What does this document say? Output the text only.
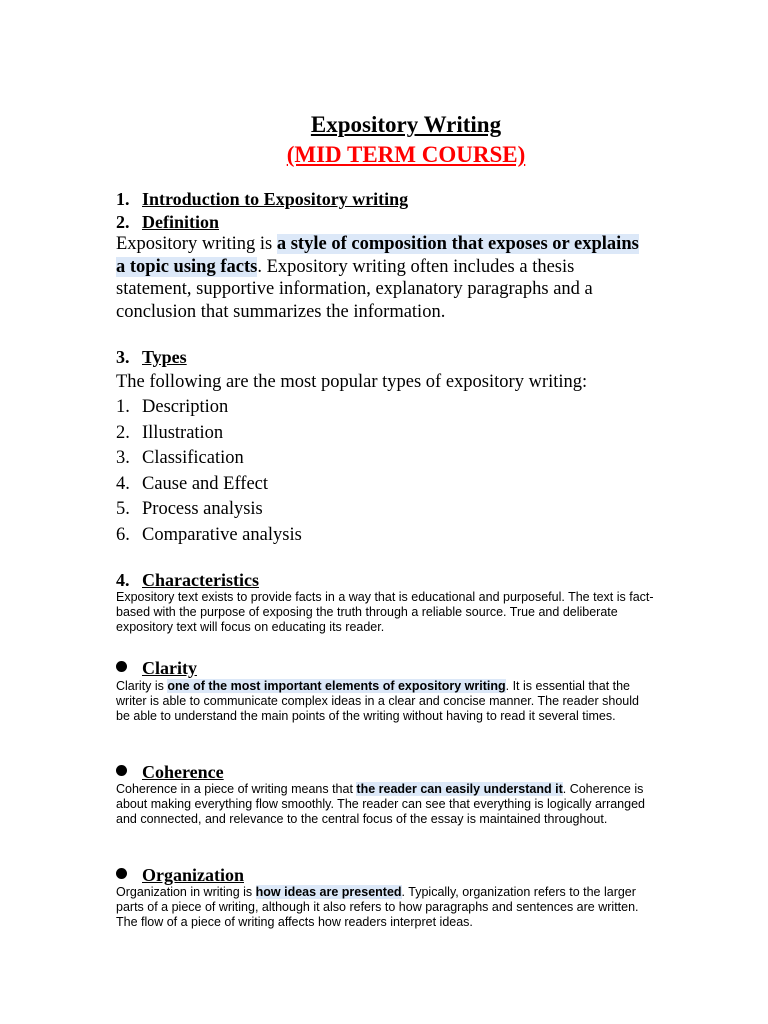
Expository Writing
(MID TERM COURSE)
1. Introduction to Expository writing
2. Definition
Expository writing is a style of composition that exposes or explains a topic using facts. Expository writing often includes a thesis statement, supportive information, explanatory paragraphs and a conclusion that summarizes the information.
3. Types
The following are the most popular types of expository writing:
1. Description
2. Illustration
3. Classification
4. Cause and Effect
5. Process analysis
6. Comparative analysis
4. Characteristics
Expository text exists to provide facts in a way that is educational and purposeful. The text is fact-based with the purpose of exposing the truth through a reliable source. True and deliberate expository text will focus on educating its reader.
Clarity
Clarity is one of the most important elements of expository writing. It is essential that the writer is able to communicate complex ideas in a clear and concise manner. The reader should be able to understand the main points of the writing without having to read it several times.
Coherence
Coherence in a piece of writing means that the reader can easily understand it. Coherence is about making everything flow smoothly. The reader can see that everything is logically arranged and connected, and relevance to the central focus of the essay is maintained throughout.
Organization
Organization in writing is how ideas are presented. Typically, organization refers to the larger parts of a piece of writing, although it also refers to how paragraphs and sentences are written. The flow of a piece of writing affects how readers interpret ideas.
